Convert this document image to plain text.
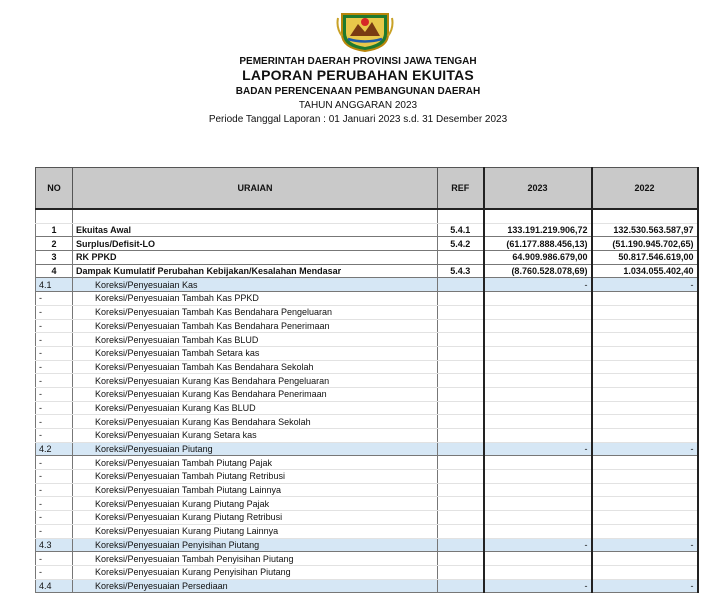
PEMERINTAH DAERAH PROVINSI JAWA TENGAH
LAPORAN PERUBAHAN EKUITAS
BADAN PERENCENAAN PEMBANGUNAN DAERAH
TAHUN ANGGARAN 2023
Periode Tanggal Laporan : 01 Januari 2023 s.d. 31 Desember 2023
NO	URAIAN	REF	2023	2022

1	Ekuitas Awal	5.4.1	133.191.219.906,72	132.530.563.587,97
2	Surplus/Defisit-LO	5.4.2	(61.177.888.456,13)	(51.190.945.702,65)
3	RK PPKD		64.909.986.679,00	50.817.546.619,00
4	Dampak Kumulatif Perubahan Kebijakan/Kesalahan Mendasar	5.4.3	(8.760.528.078,69)	1.034.055.402,40
4.1	Koreksi/Penyesuaian Kas		-	-
-	Koreksi/Penyesuaian Tambah Kas PPKD			
-	Koreksi/Penyesuaian Tambah Kas Bendahara Pengeluaran			
-	Koreksi/Penyesuaian Tambah Kas Bendahara Penerimaan			
-	Koreksi/Penyesuaian Tambah Kas BLUD			
-	Koreksi/Penyesuaian Tambah Setara kas			
-	Koreksi/Penyesuaian Tambah Kas Bendahara Sekolah			
-	Koreksi/Penyesuaian Kurang Kas Bendahara Pengeluaran			
-	Koreksi/Penyesuaian Kurang Kas Bendahara Penerimaan			
-	Koreksi/Penyesuaian Kurang Kas BLUD			
-	Koreksi/Penyesuaian Kurang Kas Bendahara Sekolah			
-	Koreksi/Penyesuaian Kurang Setara kas			
4.2	Koreksi/Penyesuaian Piutang		-	-
-	Koreksi/Penyesuaian Tambah Piutang Pajak			
-	Koreksi/Penyesuaian Tambah Piutang Retribusi			
-	Koreksi/Penyesuaian Tambah Piutang Lainnya			
-	Koreksi/Penyesuaian Kurang Piutang Pajak			
-	Koreksi/Penyesuaian Kurang Piutang Retribusi			
-	Koreksi/Penyesuaian Kurang Piutang Lainnya			
4.3	Koreksi/Penyesuaian Penyisihan Piutang		-	-
-	Koreksi/Penyesuaian Tambah Penyisihan Piutang			
-	Koreksi/Penyesuaian Kurang Penyisihan Piutang			
4.4	Koreksi/Penyesuaian Persediaan		-	-
